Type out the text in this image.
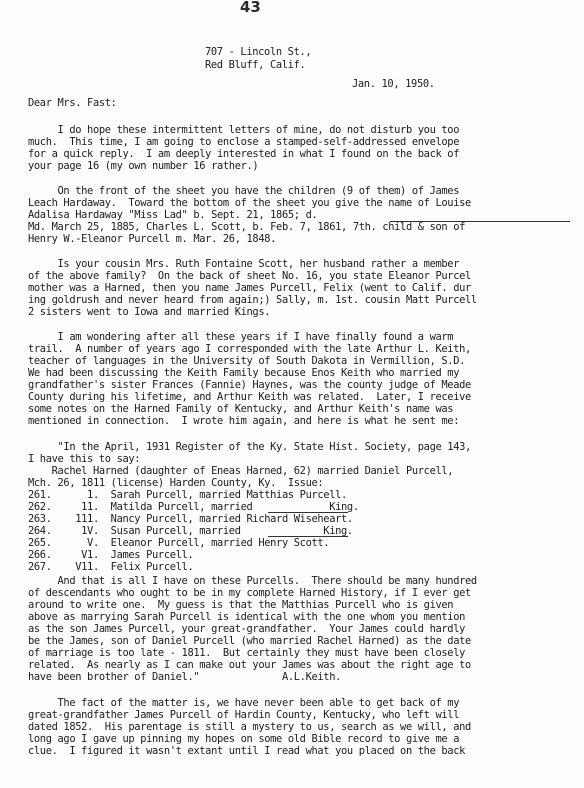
43
707 - Lincoln St.,
Red Bluff, Calif.
Jan. 10, 1950.
Dear Mrs. Fast:
I do hope these intermittent letters of mine, do not disturb you too
much.  This time, I am going to enclose a stamped-self-addressed envelope
for a quick reply.  I am deeply interested in what I found on the back of
your page 16 (my own number 16 rather.)
On the front of the sheet you have the children (9 of them) of James
Leach Hardaway.  Toward the bottom of the sheet you give the name of Louise
Adalisa Hardaway "Miss Lad" b. Sept. 21, 1865; d.
Md. March 25, 1885, Charles L. Scott, b. Feb. 7, 1861, 7th. child & son of
Henry W.-Eleanor Purcell m. Mar. 26, 1848.
Is your cousin Mrs. Ruth Fontaine Scott, her husband rather a member
of the above family?  On the back of sheet No. 16, you state Eleanor Purcel
mother was a Harned, then you name James Purcell, Felix (went to Calif. dur
ing goldrush and never heard from again;) Sally, m. 1st. cousin Matt Purcell
2 sisters went to Iowa and married Kings.
I am wondering after all these years if I have finally found a warm
trail.  A number of years ago I corresponded with the late Arthur L. Keith,
teacher of languages in the University of South Dakota in Vermillion, S.D.
We had been discussing the Keith Family because Enos Keith who married my
grandfather's sister Frances (Fannie) Haynes, was the county judge of Meade
County during his lifetime, and Arthur Keith was related.  Later, I receive
some notes on the Harned Family of Kentucky, and Arthur Keith's name was
mentioned in connection.  I wrote him again, and here is what he sent me:
"In the April, 1931 Register of the Ky. State Hist. Society, page 143,
I have this to say:
Rachel Harned (daughter of Eneas Harned, 62) married Daniel Purcell,
Mch. 26, 1811 (license) Harden County, Ky.  Issue:
261.      1.  Sarah Purcell, married Matthias Purcell.
262.     11.  Matilda Purcell, married             King.
263.    111.  Nancy Purcell, married Richard Wiseheart.
264.     1V.  Susan Purcell, married              King.
265.      V.  Eleanor Purcell, married Henry Scott.
266.     V1.  James Purcell.
267.    V11.  Felix Purcell.
And that is all I have on these Purcells.  There should be many hundred
of descendants who ought to be in my complete Harned History, if I ever get
around to write one.  My guess is that the Matthias Purcell who is given
above as marrying Sarah Purcell is identical with the one whom you mention
as the son James Purcell, your great-grandfather.  Your James could hardly
be the James, son of Daniel Purcell (who married Rachel Harned) as the date
of marriage is too late - 1811.  But certainly they must have been closely
related.  As nearly as I can make out your James was about the right age to
have been brother of Daniel."              A.L.Keith.
The fact of the matter is, we have never been able to get back of my
great-grandfather James Purcell of Hardin County, Kentucky, who left will
dated 1852.  His parentage is still a mystery to us, search as we will, and
long ago I gave up pinning my hopes on some old Bible record to give me a
clue.  I figured it wasn't extant until I read what you placed on the back
